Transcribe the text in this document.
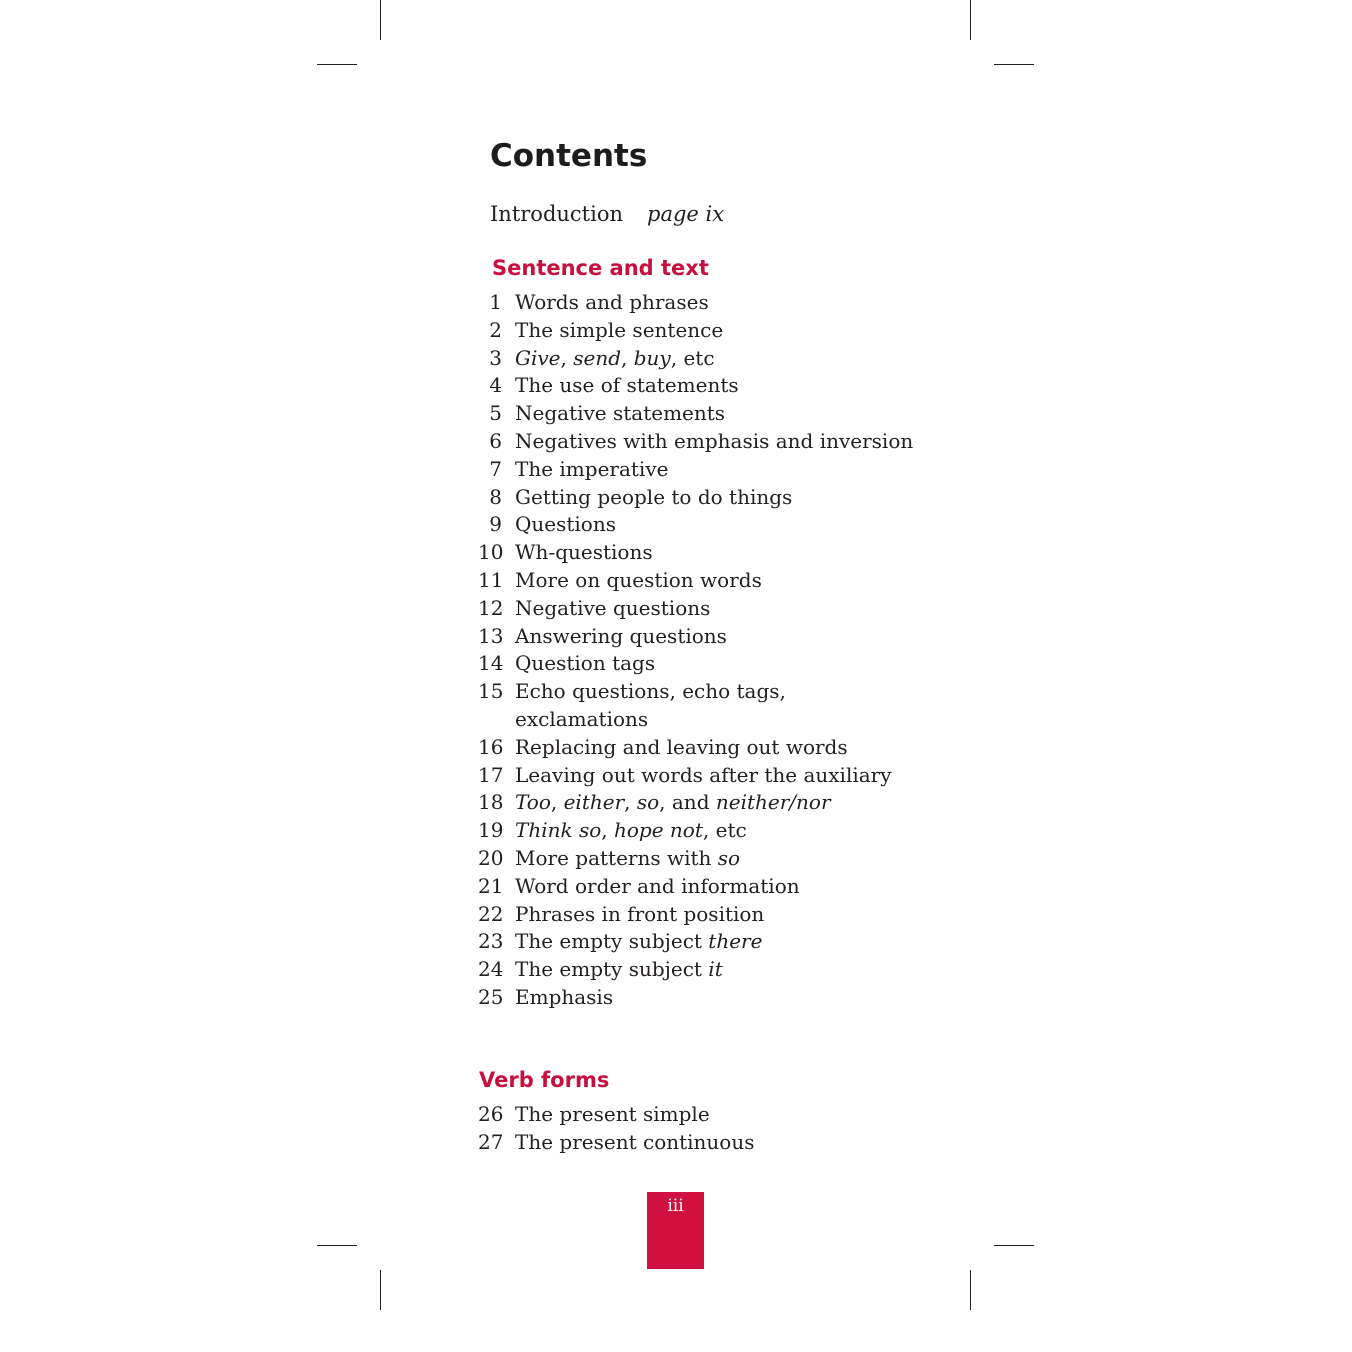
Contents
Introduction page ix
Sentence and text
1 Words and phrases
2 The simple sentence
3 Give, send, buy, etc
4 The use of statements
5 Negative statements
6 Negatives with emphasis and inversion
7 The imperative
8 Getting people to do things
9 Questions
10 Wh-questions
11 More on question words
12 Negative questions
13 Answering questions
14 Question tags
15 Echo questions, echo tags, exclamations
16 Replacing and leaving out words
17 Leaving out words after the auxiliary
18 Too, either, so, and neither/nor
19 Think so, hope not, etc
20 More patterns with so
21 Word order and information
22 Phrases in front position
23 The empty subject there
24 The empty subject it
25 Emphasis
Verb forms
26 The present simple
27 The present continuous
iii
